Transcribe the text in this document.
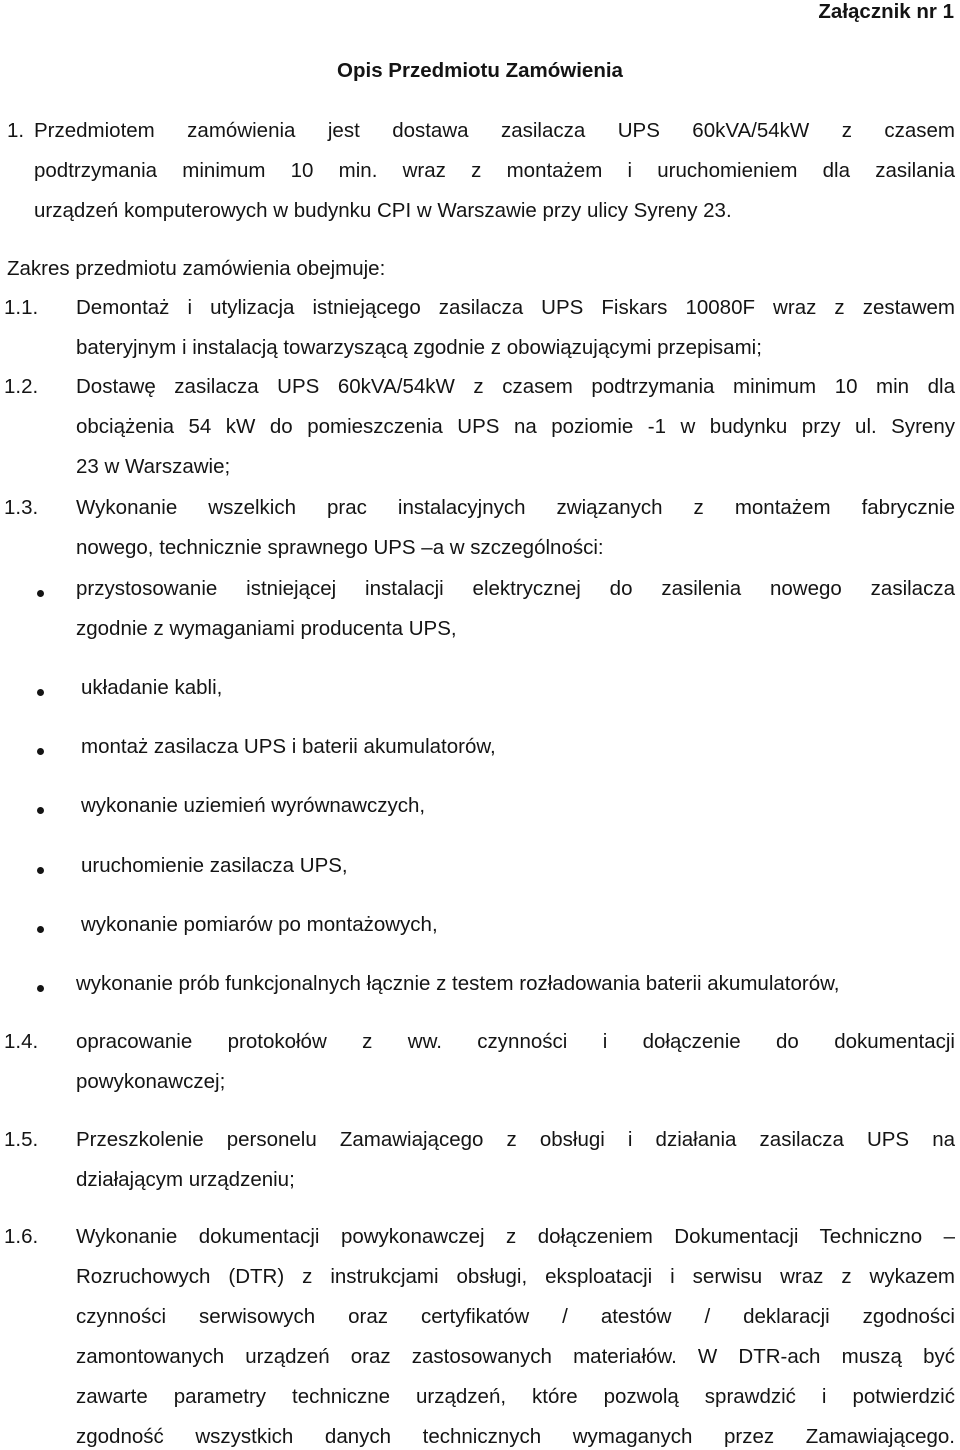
Załącznik nr 1
Opis Przedmiotu Zamówienia
1. Przedmiotem zamówienia jest dostawa zasilacza UPS 60kVA/54kW z czasem
podtrzymania minimum 10 min. wraz z montażem i uruchomieniem dla zasilania
urządzeń komputerowych w budynku CPI w Warszawie przy ulicy Syreny 23.
Zakres przedmiotu zamówienia obejmuje:
1.1. Demontaż i utylizacja istniejącego zasilacza UPS Fiskars 10080F wraz z zestawem
bateryjnym i instalacją towarzyszącą zgodnie z obowiązującymi przepisami;
1.2. Dostawę zasilacza UPS 60kVA/54kW z czasem podtrzymania minimum 10 min dla
obciążenia 54 kW do pomieszczenia UPS na poziomie -1 w budynku przy ul. Syreny
23 w Warszawie;
1.3. Wykonanie wszelkich prac instalacyjnych związanych z montażem fabrycznie
nowego, technicznie sprawnego UPS –a w szczególności:
przystosowanie istniejącej instalacji elektrycznej do zasilenia nowego zasilacza
zgodnie z wymaganiami producenta UPS,
układanie kabli,
montaż zasilacza UPS i baterii akumulatorów,
wykonanie uziemień wyrównawczych,
uruchomienie zasilacza UPS,
wykonanie pomiarów po montażowych,
wykonanie prób funkcjonalnych łącznie z testem rozładowania baterii akumulatorów,
1.4. opracowanie protokołów z ww. czynności i dołączenie do dokumentacji
powykonawczej;
1.5. Przeszkolenie personelu Zamawiającego z obsługi i działania zasilacza UPS na
działającym urządzeniu;
1.6. Wykonanie dokumentacji powykonawczej z dołączeniem Dokumentacji Techniczno –
Rozruchowych (DTR) z instrukcjami obsługi, eksploatacji i serwisu wraz z wykazem
czynności serwisowych oraz certyfikatów / atestów / deklaracji zgodności
zamontowanych urządzeń oraz zastosowanych materiałów. W DTR-ach muszą być
zawarte parametry techniczne urządzeń, które pozwolą sprawdzić i potwierdzić
zgodność wszystkich danych technicznych wymaganych przez Zamawiającego.
